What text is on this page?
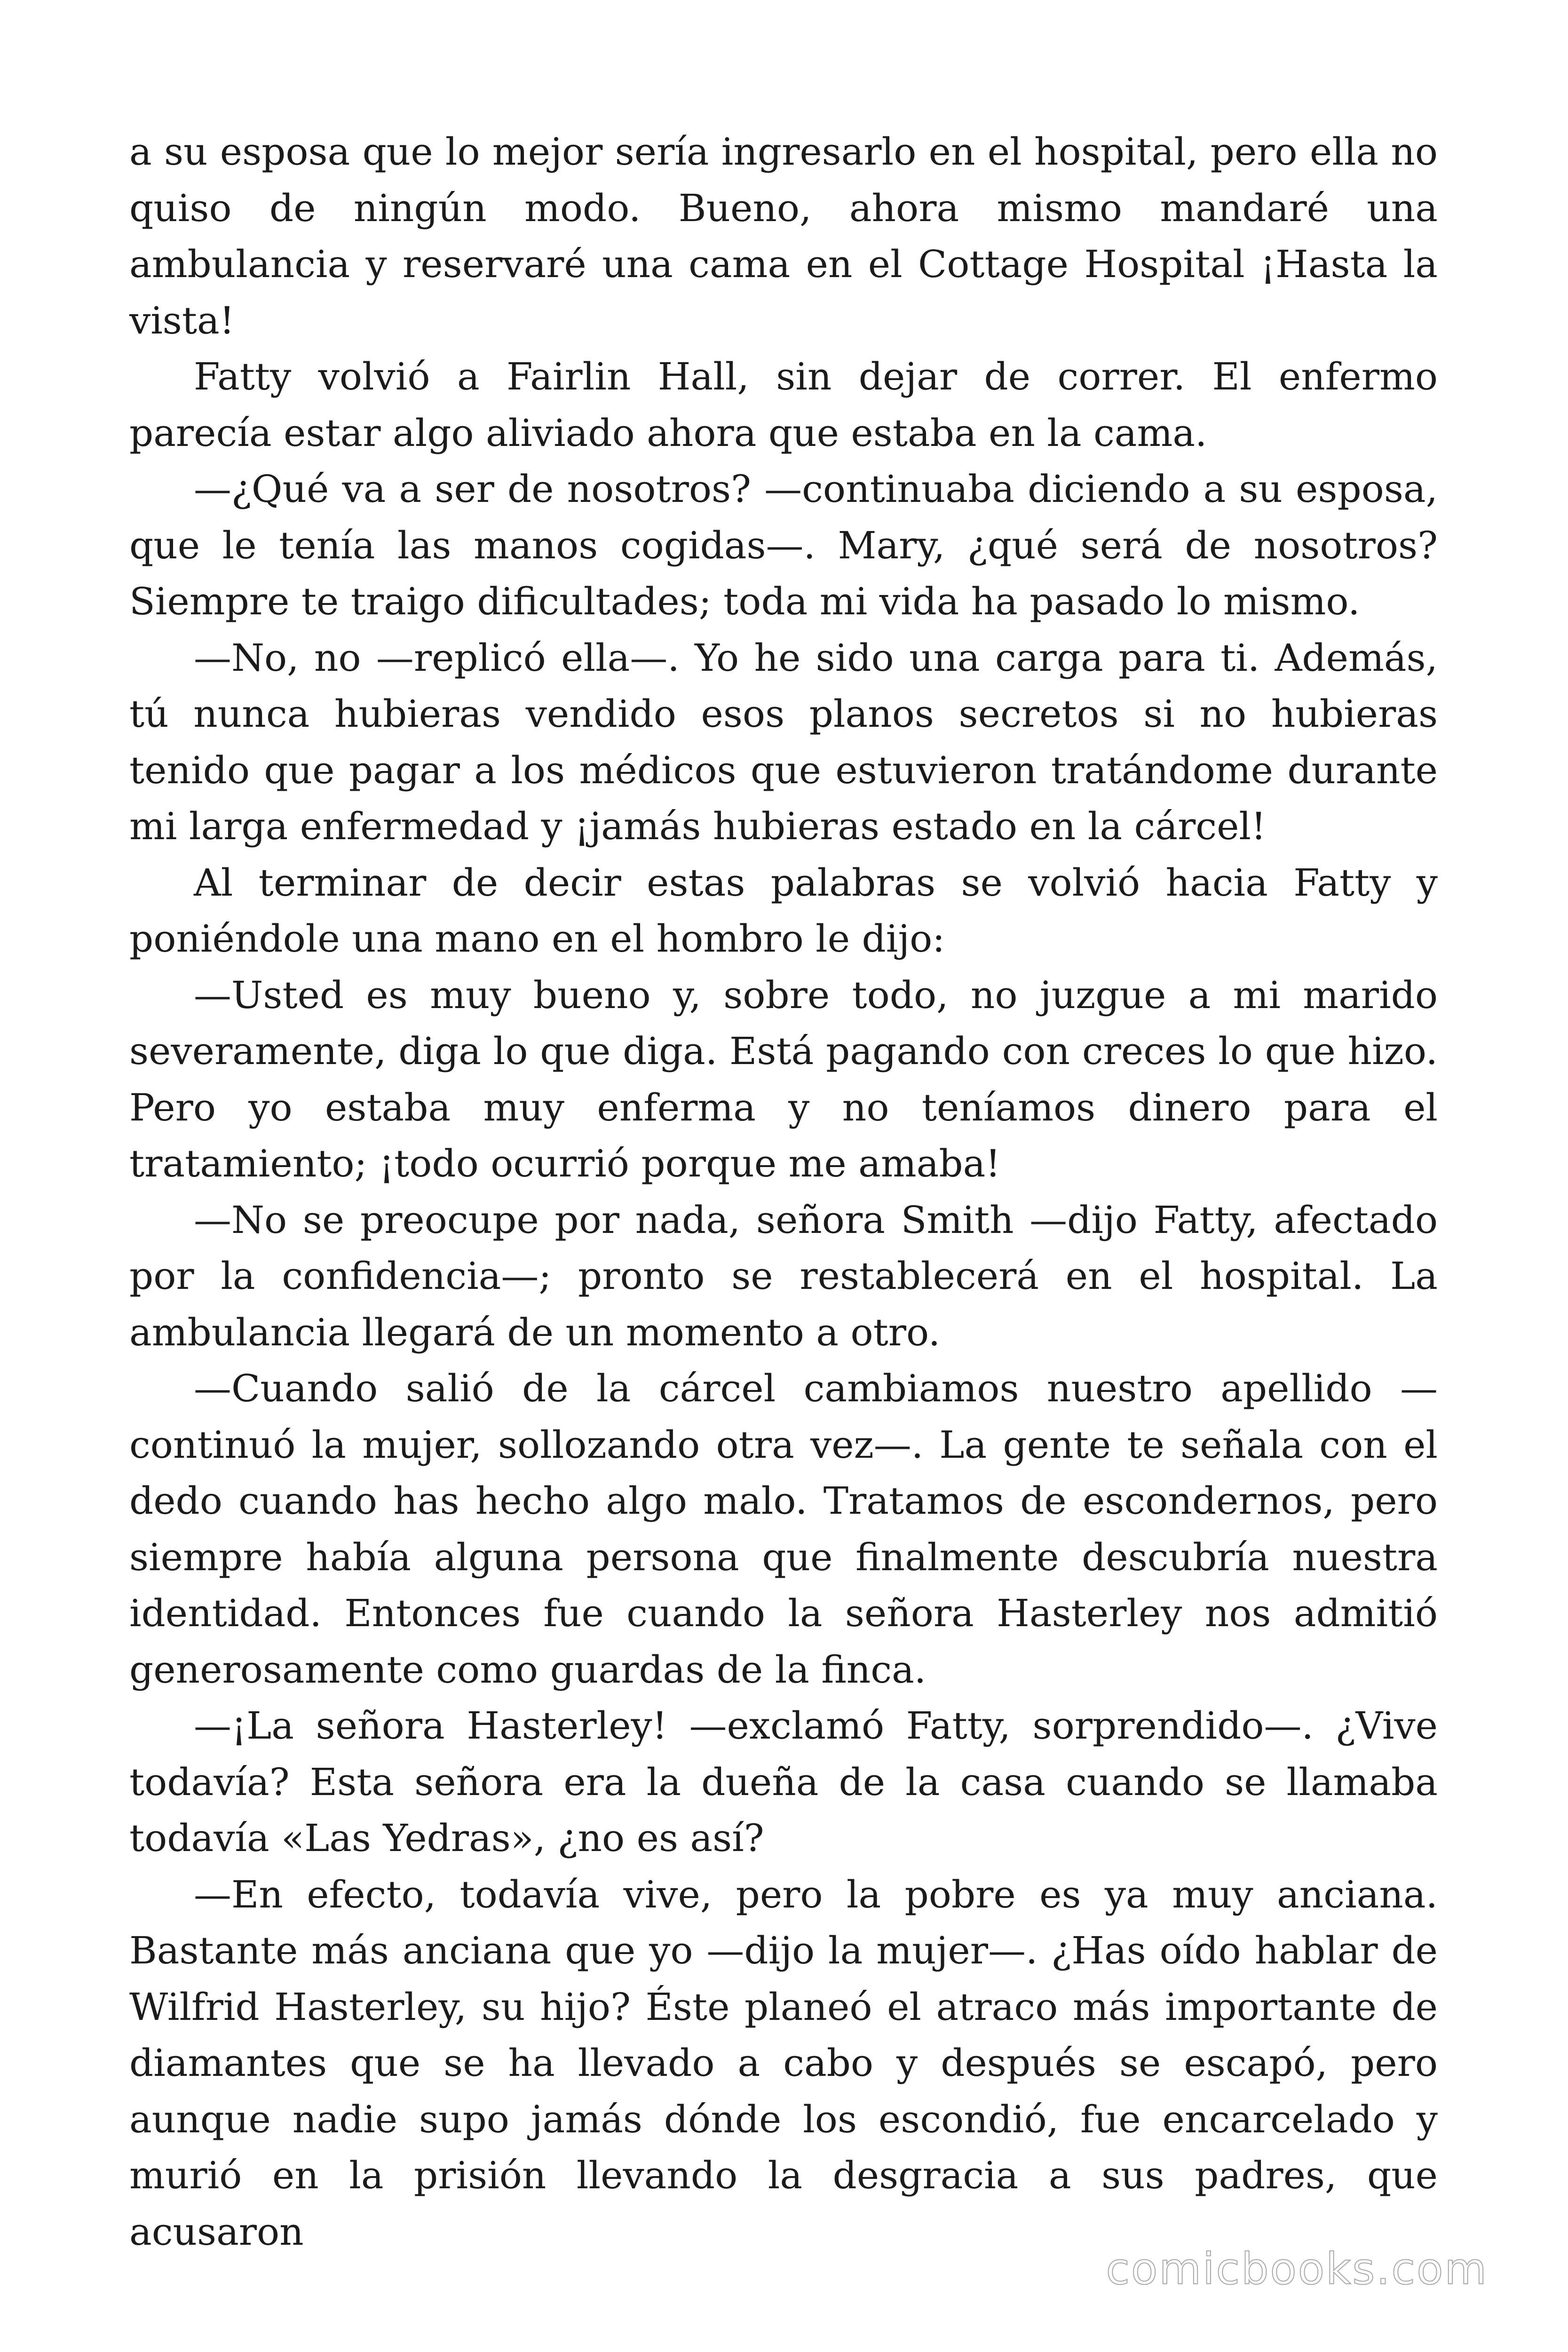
a su esposa que lo mejor sería ingresarlo en el hospital, pero ella no quiso de ningún modo. Bueno, ahora mismo mandaré una ambulancia y reservaré una cama en el Cottage Hospital ¡Hasta la vista!

Fatty volvió a Fairlin Hall, sin dejar de correr. El enfermo parecía estar algo aliviado ahora que estaba en la cama.

—¿Qué va a ser de nosotros? —continuaba diciendo a su esposa, que le tenía las manos cogidas—. Mary, ¿qué será de nosotros? Siempre te traigo dificultades; toda mi vida ha pasado lo mismo.

—No, no —replicó ella—. Yo he sido una carga para ti. Además, tú nunca hubieras vendido esos planos secretos si no hubieras tenido que pagar a los médicos que estuvieron tratándome durante mi larga enfermedad y ¡jamás hubieras estado en la cárcel!

Al terminar de decir estas palabras se volvió hacia Fatty y poniéndole una mano en el hombro le dijo:

—Usted es muy bueno y, sobre todo, no juzgue a mi marido severamente, diga lo que diga. Está pagando con creces lo que hizo. Pero yo estaba muy enferma y no teníamos dinero para el tratamiento; ¡todo ocurrió porque me amaba!

—No se preocupe por nada, señora Smith —dijo Fatty, afectado por la confidencia—; pronto se restablecerá en el hospital. La ambulancia llegará de un momento a otro.

—Cuando salió de la cárcel cambiamos nuestro apellido — continuó la mujer, sollozando otra vez—. La gente te señala con el dedo cuando has hecho algo malo. Tratamos de escondernos, pero siempre había alguna persona que finalmente descubría nuestra identidad. Entonces fue cuando la señora Hasterley nos admitió generosamente como guardas de la finca.

—¡La señora Hasterley! —exclamó Fatty, sorprendido—. ¿Vive todavía? Esta señora era la dueña de la casa cuando se llamaba todavía «Las Yedras», ¿no es así?

—En efecto, todavía vive, pero la pobre es ya muy anciana. Bastante más anciana que yo —dijo la mujer—. ¿Has oído hablar de Wilfrid Hasterley, su hijo? Éste planeó el atraco más importante de diamantes que se ha llevado a cabo y después se escapó, pero aunque nadie supo jamás dónde los escondió, fue encarcelado y murió en la prisión llevando la desgracia a sus padres, que acusaron

comicbooks.com
